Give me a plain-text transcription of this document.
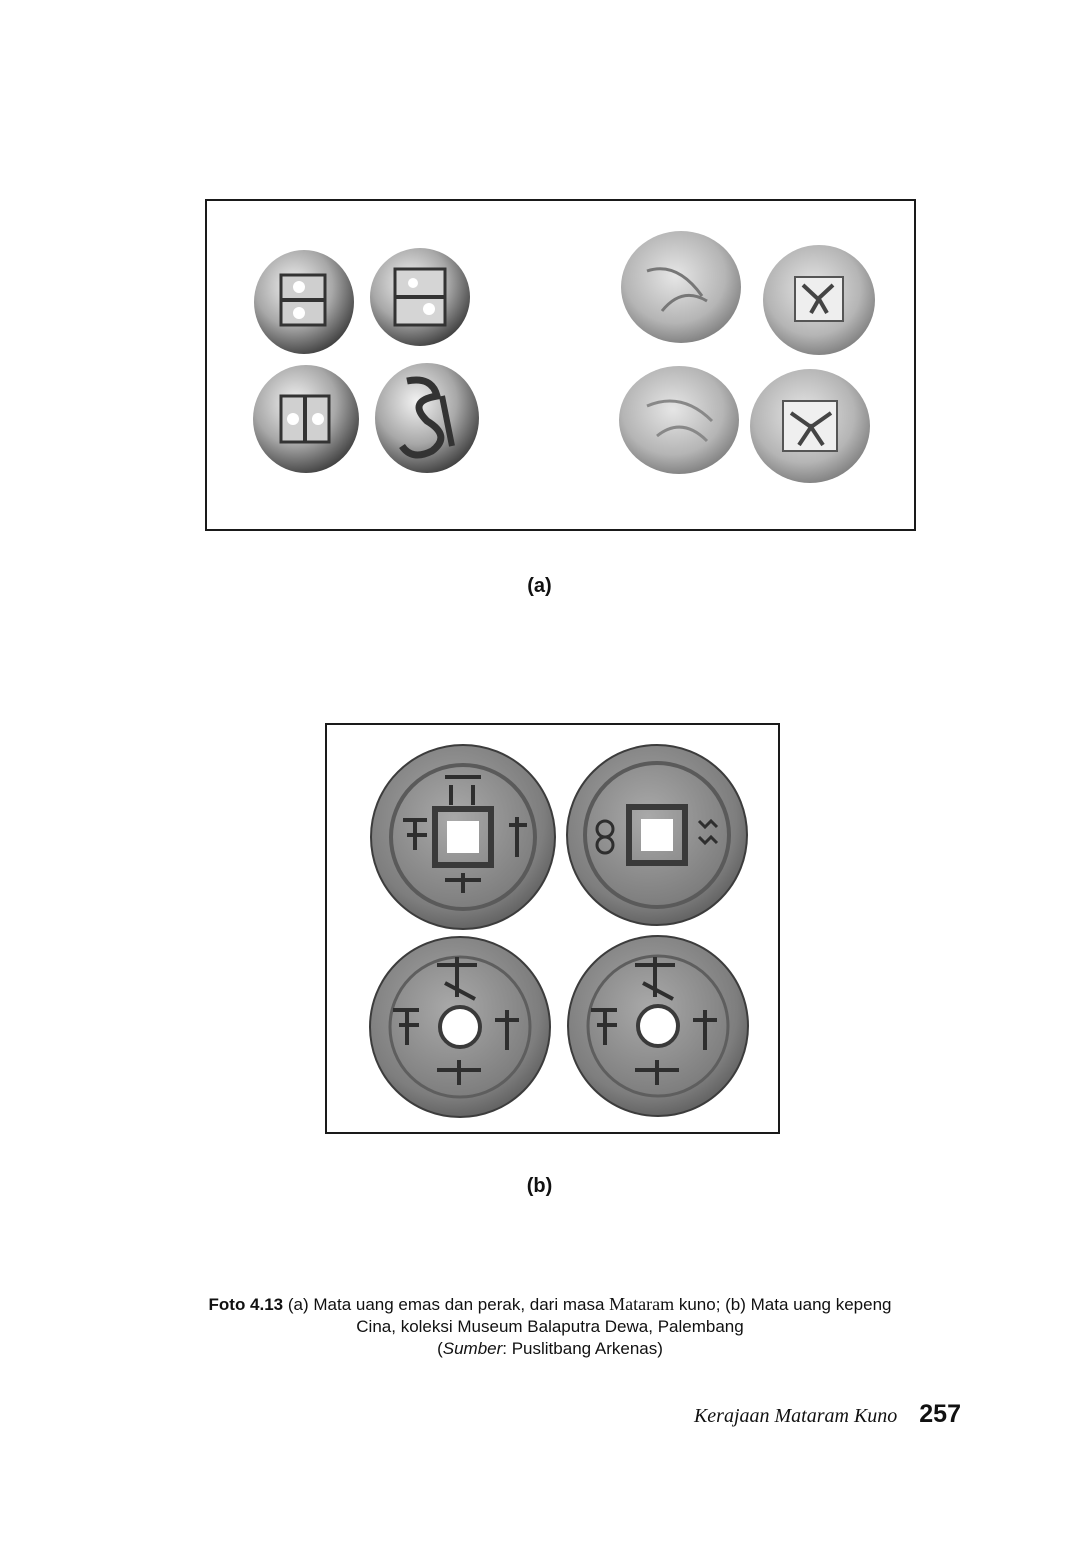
(a)
(b)
Foto 4.13 (a) Mata uang emas dan perak, dari masa Mataram kuno; (b) Mata uang kepeng
Cina, koleksi Museum Balaputra Dewa, Palembang
(Sumber: Puslitbang Arkenas)
Kerajaan Mataram Kuno 257
